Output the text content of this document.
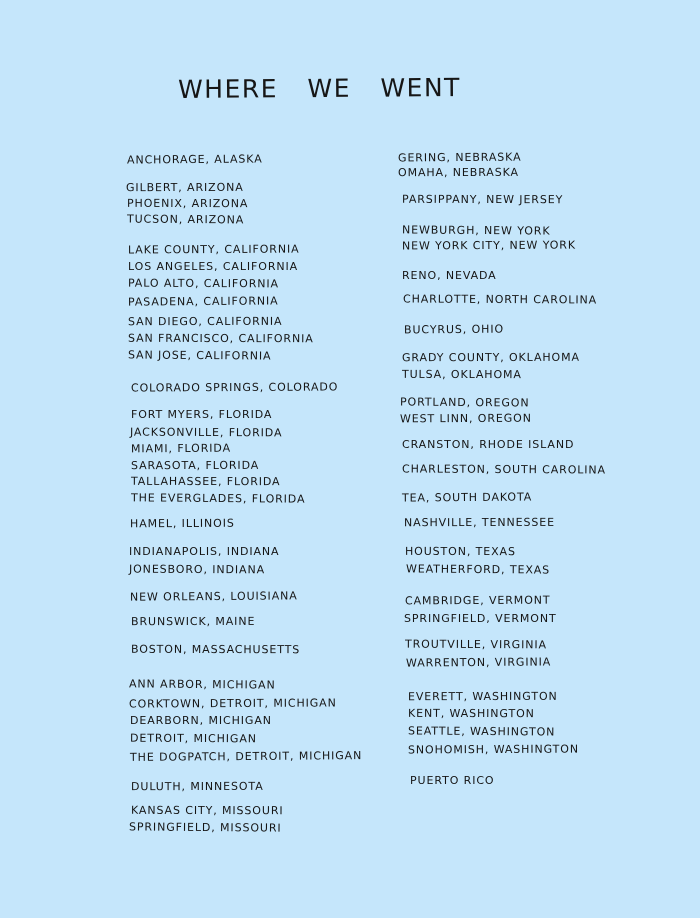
WHERE WE WENT
ANCHORAGE, ALASKA
GILBERT, ARIZONA
PHOENIX, ARIZONA
TUCSON, ARIZONA
LAKE COUNTY, CALIFORNIA
LOS ANGELES, CALIFORNIA
PALO ALTO, CALIFORNIA
PASADENA, CALIFORNIA
SAN DIEGO, CALIFORNIA
SAN FRANCISCO, CALIFORNIA
SAN JOSE, CALIFORNIA
COLORADO SPRINGS, COLORADO
FORT MYERS, FLORIDA
JACKSONVILLE, FLORIDA
MIAMI, FLORIDA
SARASOTA, FLORIDA
TALLAHASSEE, FLORIDA
THE EVERGLADES, FLORIDA
HAMEL, ILLINOIS
INDIANAPOLIS, INDIANA
JONESBORO, INDIANA
NEW ORLEANS, LOUISIANA
BRUNSWICK, MAINE
BOSTON, MASSACHUSETTS
ANN ARBOR, MICHIGAN
CORKTOWN, DETROIT, MICHIGAN
DEARBORN, MICHIGAN
DETROIT, MICHIGAN
THE DOGPATCH, DETROIT, MICHIGAN
DULUTH, MINNESOTA
KANSAS CITY, MISSOURI
SPRINGFIELD, MISSOURI
GERING, NEBRASKA
OMAHA, NEBRASKA
PARSIPPANY, NEW JERSEY
NEWBURGH, NEW YORK
NEW YORK CITY, NEW YORK
RENO, NEVADA
CHARLOTTE, NORTH CAROLINA
BUCYRUS, OHIO
GRADY COUNTY, OKLAHOMA
TULSA, OKLAHOMA
PORTLAND, OREGON
WEST LINN, OREGON
CRANSTON, RHODE ISLAND
CHARLESTON, SOUTH CAROLINA
TEA, SOUTH DAKOTA
NASHVILLE, TENNESSEE
HOUSTON, TEXAS
WEATHERFORD, TEXAS
CAMBRIDGE, VERMONT
SPRINGFIELD, VERMONT
TROUTVILLE, VIRGINIA
WARRENTON, VIRGINIA
EVERETT, WASHINGTON
KENT, WASHINGTON
SEATTLE, WASHINGTON
SNOHOMISH, WASHINGTON
PUERTO RICO
